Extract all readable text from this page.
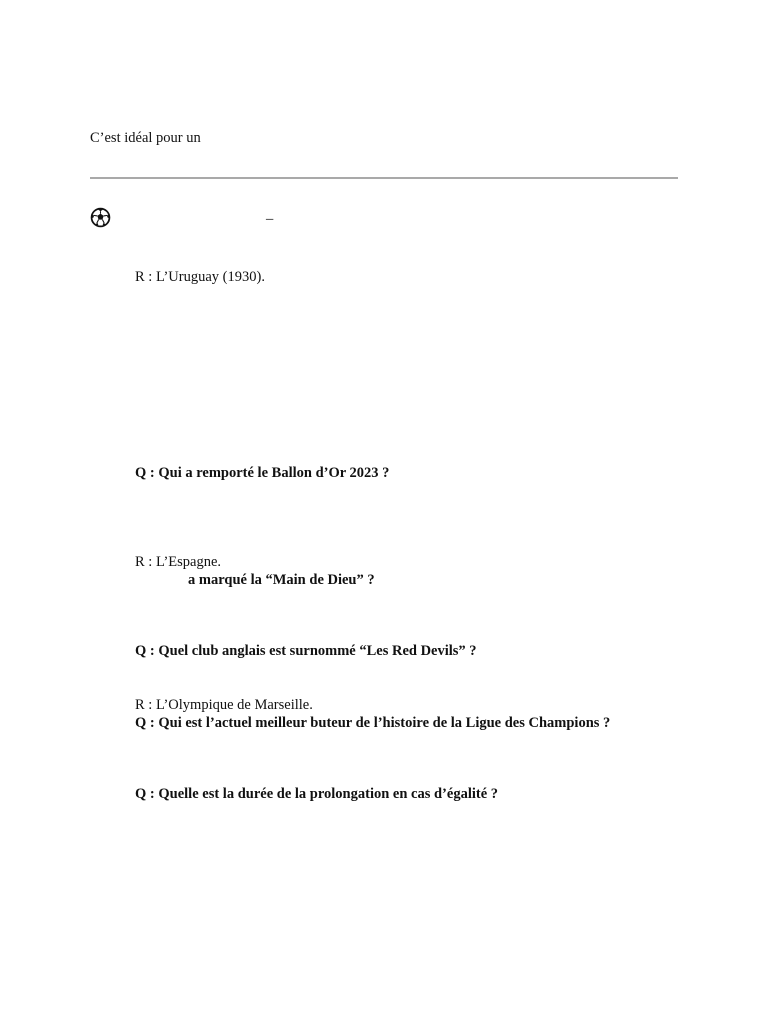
C’est idéal pour un
–
R : L’Uruguay (1930).
Q : Qui a remporté le Ballon d’Or 2023 ?
R : L’Espagne.
a marqué la “Main de Dieu” ?
Q : Quel club anglais est surnommé “Les Red Devils” ?
R : L’Olympique de Marseille.
Q : Qui est l’actuel meilleur buteur de l’histoire de la Ligue des Champions ?
Q : Quelle est la durée de la prolongation en cas d’égalité ?
